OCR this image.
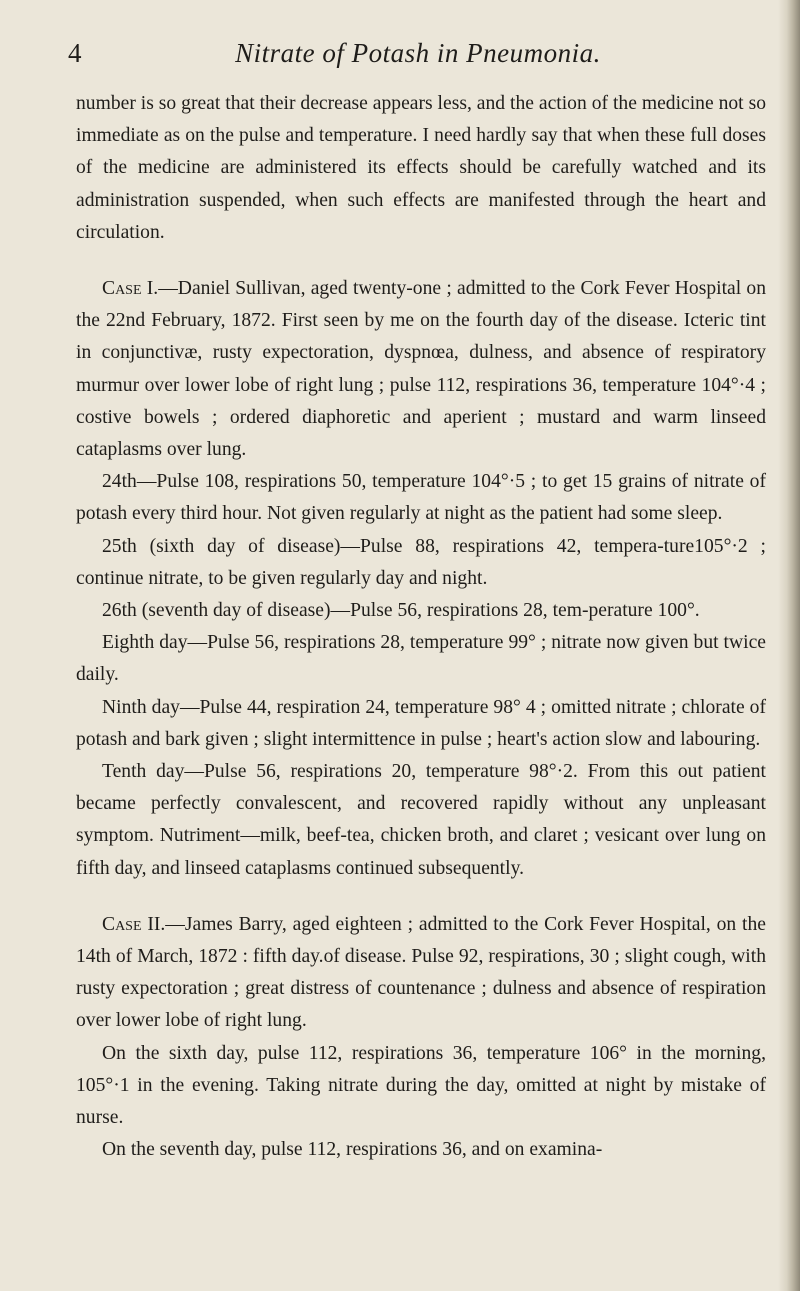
4	Nitrate of Potash in Pneumonia.

number is so great that their decrease appears less, and the action of the medicine not so immediate as on the pulse and temperature. I need hardly say that when these full doses of the medicine are administered its effects should be carefully watched and its administration suspended, when such effects are manifested through the heart and circulation.

Case I.—Daniel Sullivan, aged twenty-one ; admitted to the Cork Fever Hospital on the 22nd February, 1872. First seen by me on the fourth day of the disease. Icteric tint in conjunctivæ, rusty expectoration, dyspnœa, dulness, and absence of respiratory murmur over lower lobe of right lung ; pulse 112, respirations 36, temperature 104°·4 ; costive bowels ; ordered diaphoretic and aperient ; mustard and warm linseed cataplasms over lung.

24th—Pulse 108, respirations 50, temperature 104°·5 ; to get 15 grains of nitrate of potash every third hour. Not given regularly at night as the patient had some sleep.

25th (sixth day of disease)—Pulse 88, respirations 42, tempera-ture105°·2 ; continue nitrate, to be given regularly day and night.

26th (seventh day of disease)—Pulse 56, respirations 28, tem-perature 100°.

Eighth day—Pulse 56, respirations 28, temperature 99° ; nitrate now given but twice daily.

Ninth day—Pulse 44, respiration 24, temperature 98° 4 ; omitted nitrate ; chlorate of potash and bark given ; slight intermittence in pulse ; heart's action slow and labouring.

Tenth day—Pulse 56, respirations 20, temperature 98°·2. From this out patient became perfectly convalescent, and recovered rapidly without any unpleasant symptom. Nutriment—milk, beef-tea, chicken broth, and claret ; vesicant over lung on fifth day, and linseed cataplasms continued subsequently.

Case II.—James Barry, aged eighteen ; admitted to the Cork Fever Hospital, on the 14th of March, 1872 : fifth day.of disease. Pulse 92, respirations, 30 ; slight cough, with rusty expectoration ; great distress of countenance ; dulness and absence of respiration over lower lobe of right lung.

On the sixth day, pulse 112, respirations 36, temperature 106° in the morning, 105°·1 in the evening. Taking nitrate during the day, omitted at night by mistake of nurse.

On the seventh day, pulse 112, respirations 36, and on examina-
